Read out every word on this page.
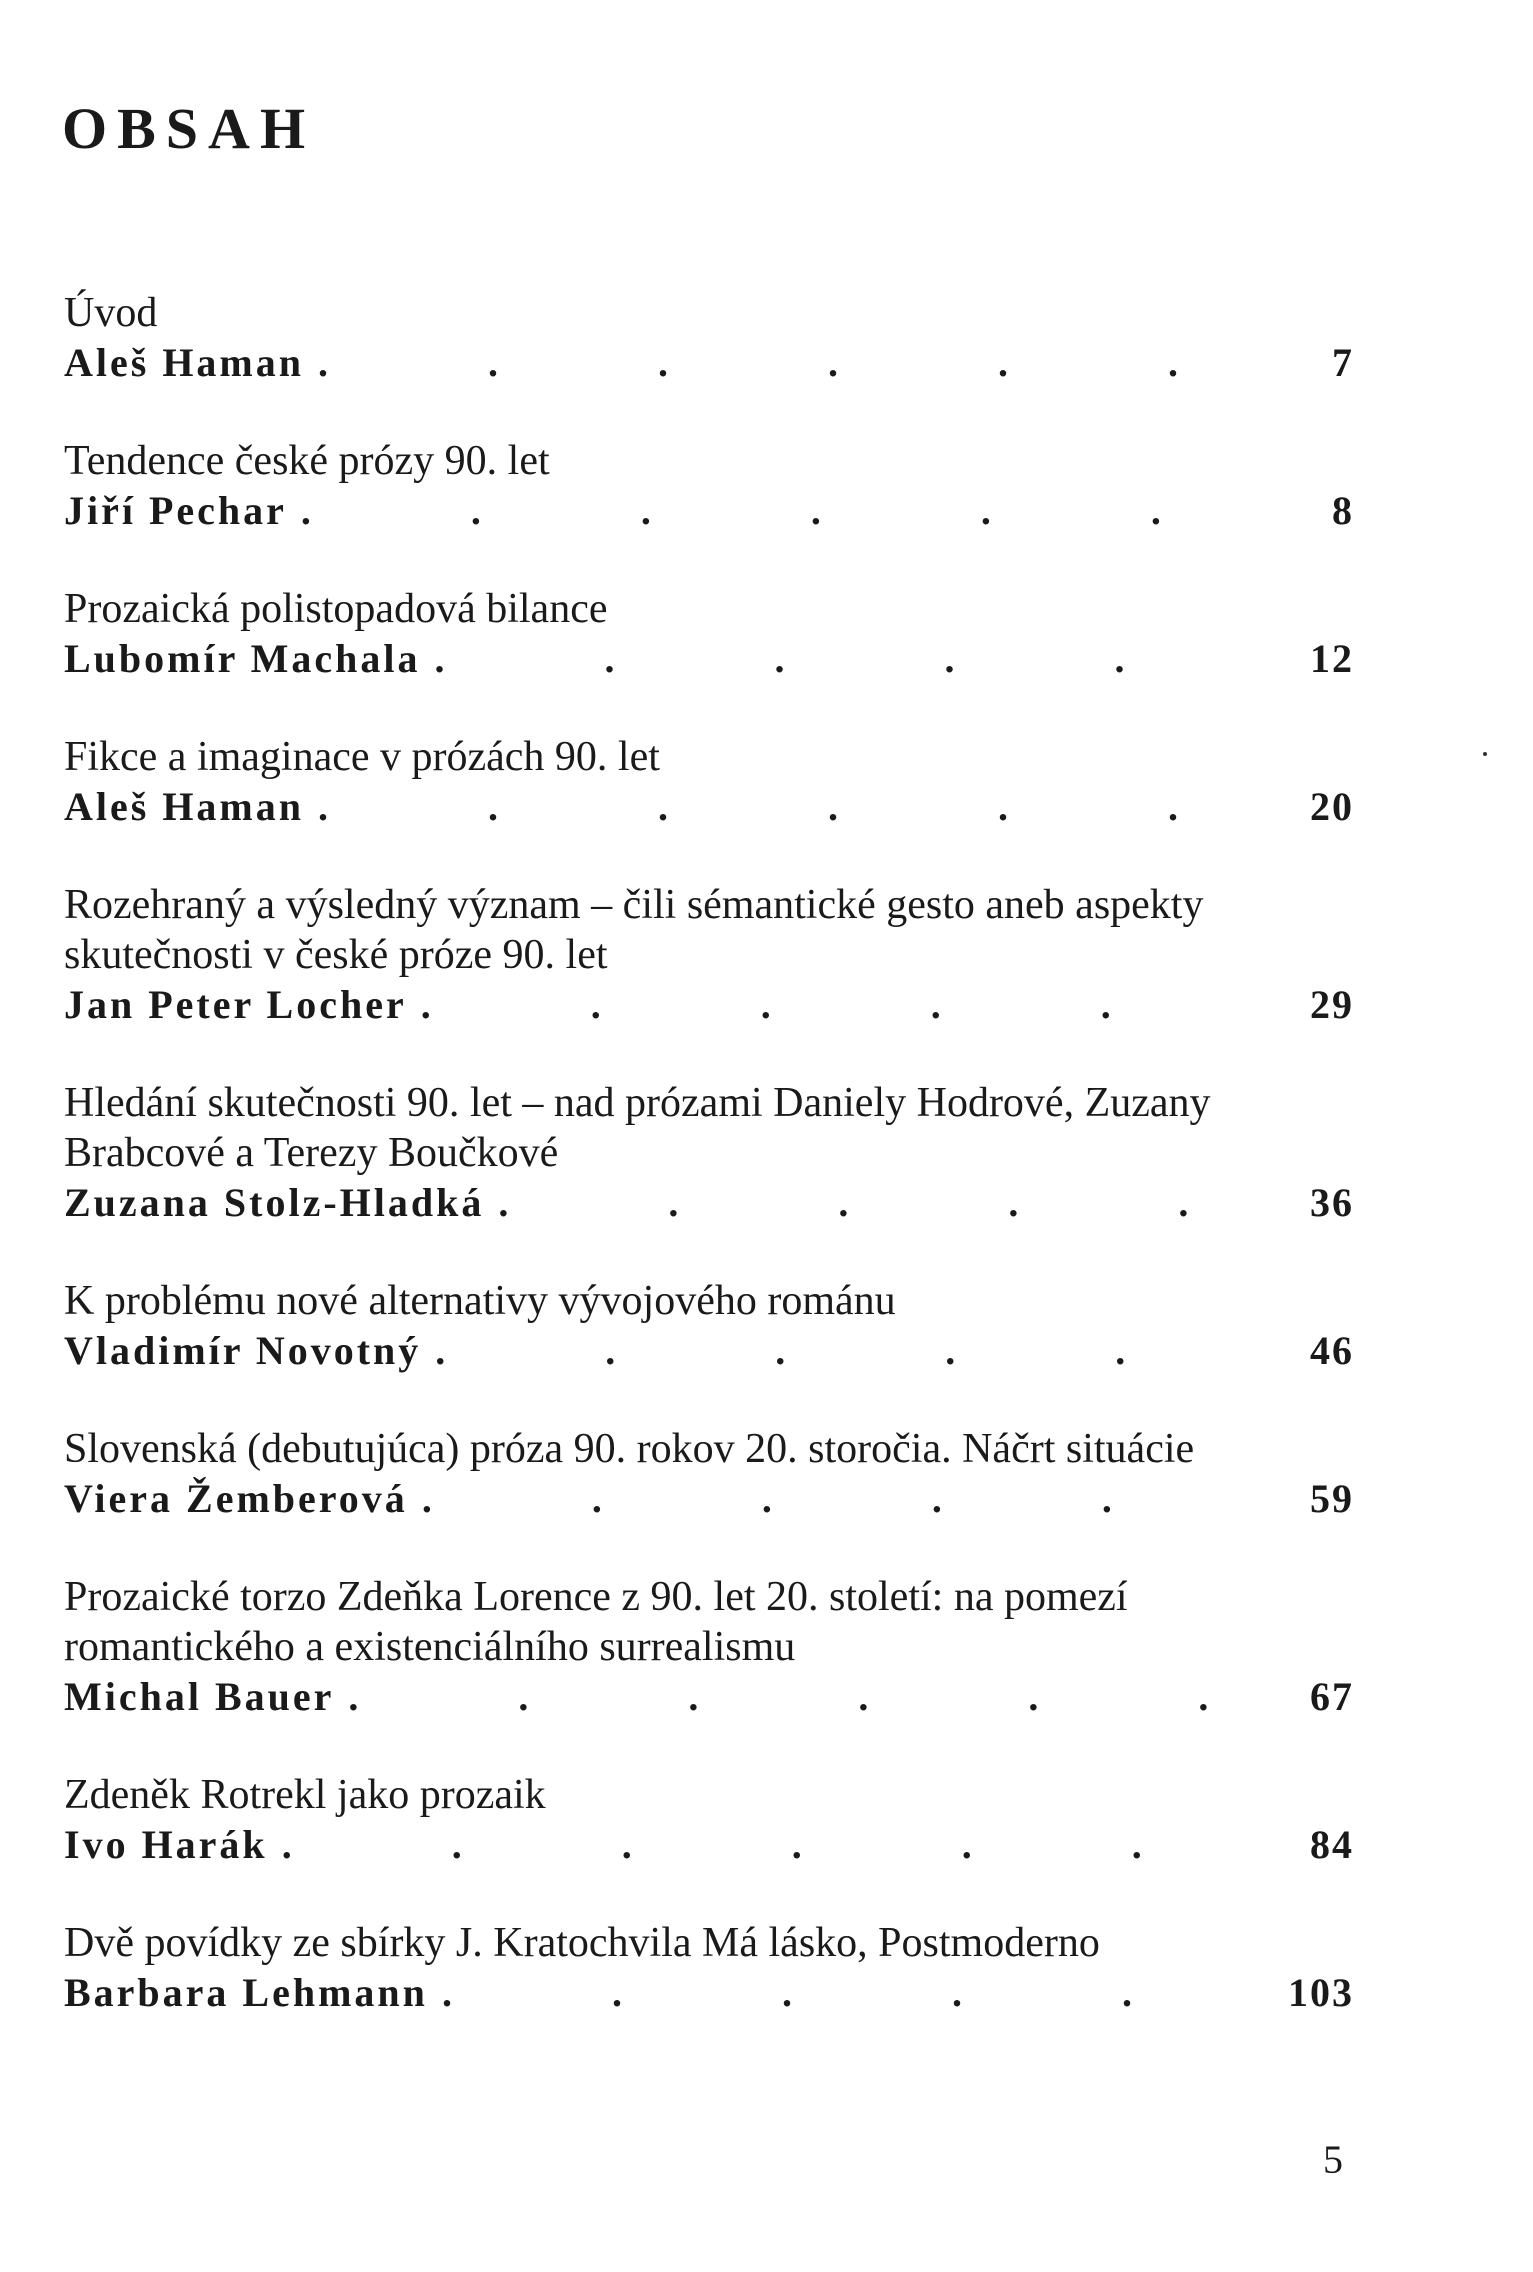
OBSAH
Úvod
Aleš Haman .	7
Tendence české prózy 90. let
Jiří Pechar .	8
Prozaická polistopadová bilance
Lubomír Machala .	12
Fikce a imaginace v prózách 90. let
Aleš Haman .	20
Rozehraný a výsledný význam – čili sémantické gesto aneb aspekty skutečnosti v české próze 90. let
Jan Peter Locher .	29
Hledání skutečnosti 90. let – nad prózami Daniely Hodrové, Zuzany Brabcové a Terezy Boučkové
Zuzana Stolz-Hladká .	36
K problému nové alternativy vývojového románu
Vladimír Novotný .	46
Slovenská (debutujúca) próza 90. rokov 20. storočia. Náčrt situácie
Viera Žemberová .	59
Prozaické torzo Zdeňka Lorence z 90. let 20. století: na pomezí romantického a existenciálního surrealismu
Michal Bauer .	67
Zdeněk Rotrekl jako prozaik
Ivo Harák .	84
Dvě povídky ze sbírky J. Kratochvila Má lásko, Postmoderno
Barbara Lehmann .	103
5
